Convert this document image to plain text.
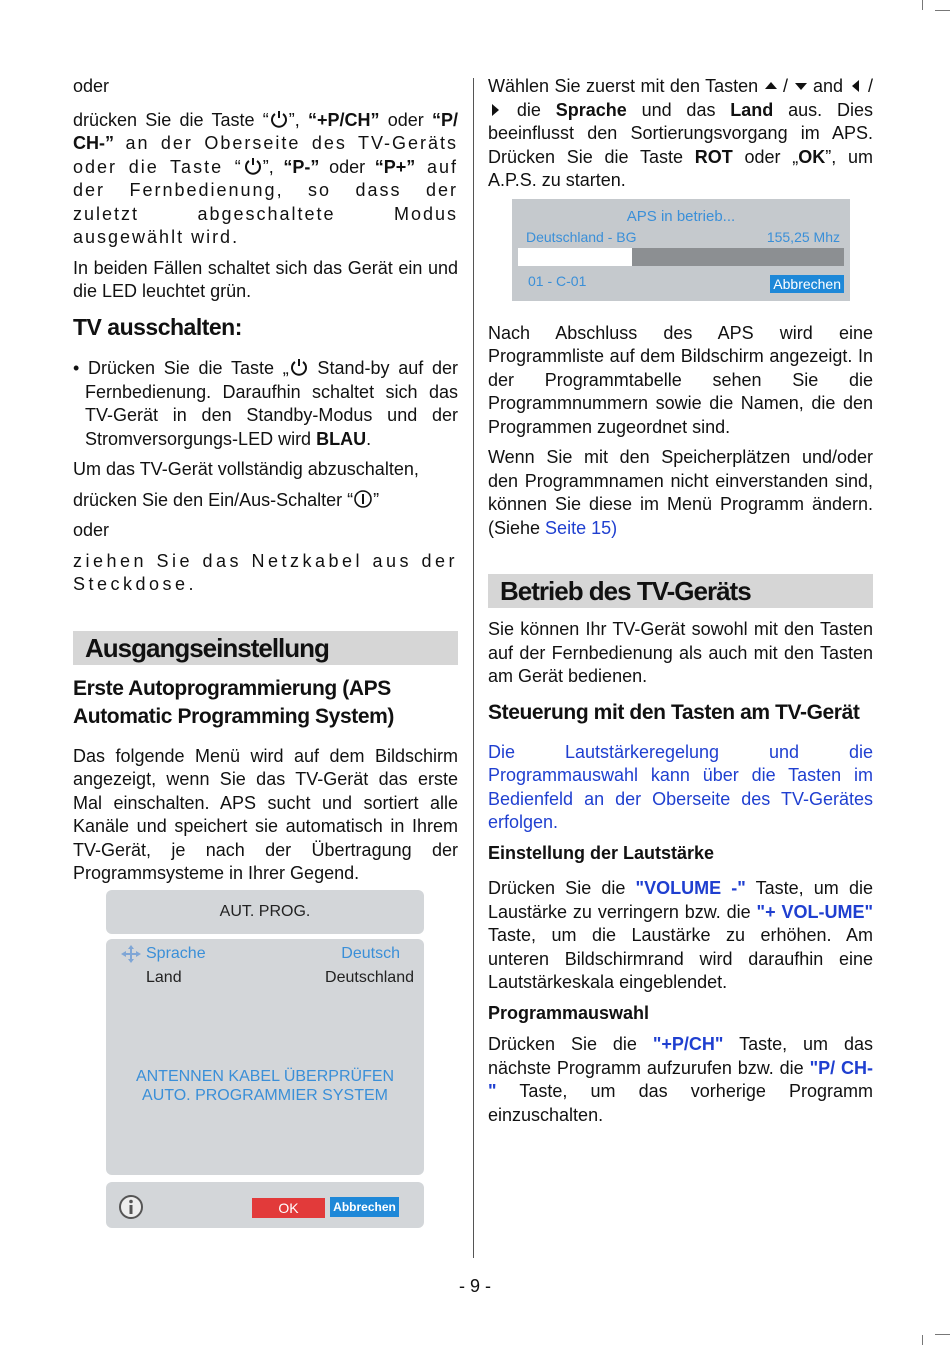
oder

drücken Sie die Taste “ ”, “+P/CH” oder “P/ CH-” an der Oberseite des TV-Geräts oder die Taste “ ”, “P-” oder “P+” auf der Fernbedienung, so dass der zuletzt abgeschaltete Modus ausgewählt wird.

In beiden Fällen schaltet sich das Gerät ein und die LED leuchtet grün.

TV ausschalten:

• Drücken Sie die Taste „ Stand-by auf der Fernbedienung. Daraufhin schaltet sich das TV-Gerät in den Standby-Modus und der Stromversorgungs-LED wird BLAU.

Um das TV-Gerät vollständig abzuschalten,

drücken Sie den Ein/Aus-Schalter “ ”

oder

ziehen Sie das Netzkabel aus der Steckdose.

Ausgangseinstellung
Erste Autoprogrammierung (APS Automatic Programming System)

Das folgende Menü wird auf dem Bildschirm angezeigt, wenn Sie das TV-Gerät das erste Mal einschalten. APS sucht und sortiert alle Kanäle und speichert sie automatisch in Ihrem TV-Gerät, je nach der Übertragung der Programmsysteme in Ihrer Gegend.

AUT. PROG.
Sprache	Deutsch
Land	Deutschland
ANTENNEN KABEL ÜBERPRÜFEN
AUTO. PROGRAMMIER SYSTEM
OK	Abbrechen

Wählen Sie zuerst mit den Tasten  /  and  /  die Sprache und das Land aus. Dies beeinflusst den Sortierungsvorgang im APS. Drücken Sie die Taste ROT oder „OK”, um A.P.S. zu starten.

Nach Abschluss des APS wird eine Programmliste auf dem Bildschirm angezeigt. In der Programmtabelle sehen Sie die Programmnummern sowie die Namen, die den Programmen zugeordnet sind.

Wenn Sie mit den Speicherplätzen und/oder den Programmnamen nicht einverstanden sind, können Sie diese im Menü Programm ändern. (Siehe Seite 15)

Betrieb des TV-Geräts

Sie können Ihr TV-Gerät sowohl mit den Tasten auf der Fernbedienung als auch mit den Tasten am Gerät bedienen.

Steuerung mit den Tasten am TV-Gerät

Die Lautstärkeregelung und die Programmauswahl kann über die Tasten im Bedienfeld an der Oberseite des TV-Gerätes erfolgen.

Einstellung der Lautstärke

Drücken Sie die "VOLUME -" Taste, um die Laustärke zu verringern bzw. die "+ VOL-UME" Taste, um die Laustärke zu erhöhen. Am unteren Bildschirmrand wird daraufhin eine Lautstärkeskala eingeblendet.

Programmauswahl

Drücken Sie die "+P/CH" Taste, um das nächste Programm aufzurufen bzw. die "P/ CH-" Taste, um das vorherige Programm einzuschalten.

APS in betrieb...
Deutschland - BG	155,25 Mhz
01 - C-01	Abbrechen
- 9 -
